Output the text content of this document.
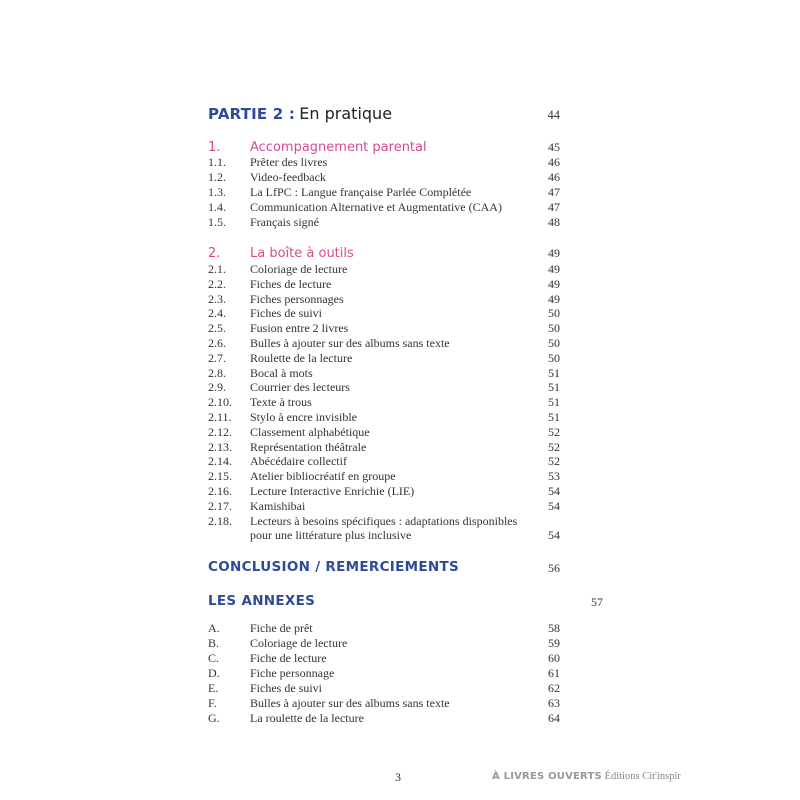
PARTIE 2 : En pratique	44
1. Accompagnement parental	45
1.1. Prêter des livres	46
1.2. Video-feedback	46
1.3. La LfPC : Langue française Parlée Complétée	47
1.4. Communication Alternative et Augmentative (CAA)	47
1.5. Français signé	48
2. La boîte à outils	49
2.1. Coloriage de lecture	49
2.2. Fiches de lecture	49
2.3. Fiches personnages	49
2.4. Fiches de suivi	50
2.5. Fusion entre 2 livres	50
2.6. Bulles à ajouter sur des albums sans texte	50
2.7. Roulette de la lecture	50
2.8. Bocal à mots	51
2.9. Courrier des lecteurs	51
2.10. Texte à trous	51
2.11. Stylo à encre invisible	51
2.12. Classement alphabétique	52
2.13. Représentation théâtrale	52
2.14. Abécédaire collectif	52
2.15. Atelier bibliocréatif en groupe	53
2.16. Lecture Interactive Enrichie (LIE)	54
2.17. Kamishibai	54
2.18. Lecteurs à besoins spécifiques : adaptations disponibles
pour une littérature plus inclusive	54
CONCLUSION / REMERCIEMENTS	56
LES ANNEXES	57
A.	Fiche de prêt	58
B.	Coloriage de lecture	59
C.	Fiche de lecture	60
D.	Fiche personnage	61
E.	Fiches de suivi	62
F.	Bulles à ajouter sur des albums sans texte	63
G.	La roulette de la lecture	64
3	À LIVRES OUVERTS Éditions Cit'inspir
